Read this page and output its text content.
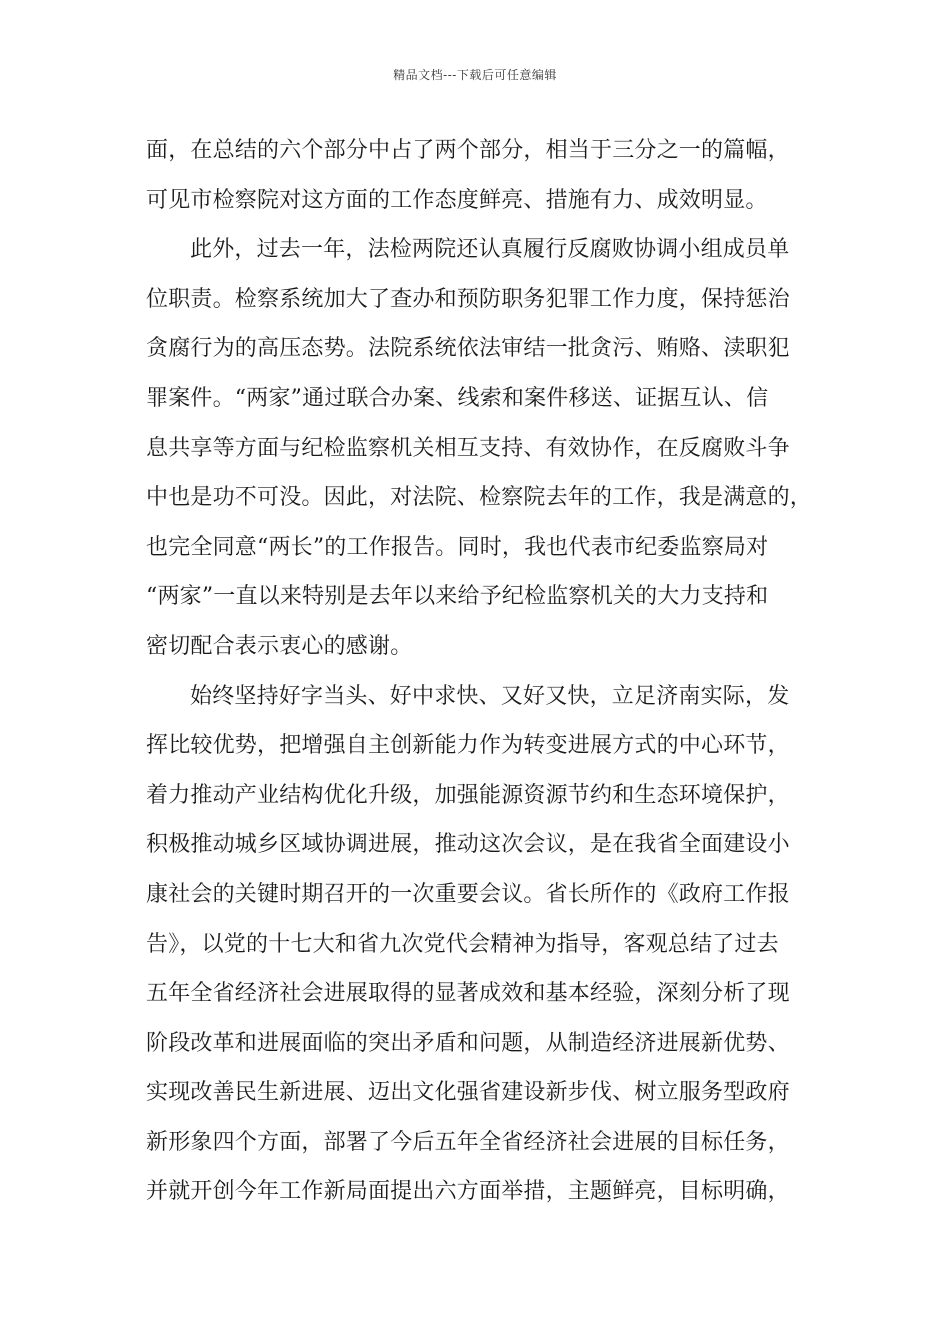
精品文档---下载后可任意编辑
面，在总结的六个部分中占了两个部分，相当于三分之一的篇幅，
可见市检察院对这方面的工作态度鲜亮、措施有力、成效明显。
此外，过去一年，法检两院还认真履行反腐败协调小组成员单
位职责。检察系统加大了查办和预防职务犯罪工作力度，保持惩治
贪腐行为的高压态势。法院系统依法审结一批贪污、贿赂、渎职犯
罪案件。“两家”通过联合办案、线索和案件移送、证据互认、信
息共享等方面与纪检监察机关相互支持、有效协作，在反腐败斗争
中也是功不可没。因此，对法院、检察院去年的工作，我是满意的，
也完全同意“两长”的工作报告。同时，我也代表市纪委监察局对
“两家”一直以来特别是去年以来给予纪检监察机关的大力支持和
密切配合表示衷心的感谢。
始终坚持好字当头、好中求快、又好又快，立足济南实际，发
挥比较优势，把增强自主创新能力作为转变进展方式的中心环节，
着力推动产业结构优化升级，加强能源资源节约和生态环境保护，
积极推动城乡区域协调进展，推动这次会议，是在我省全面建设小
康社会的关键时期召开的一次重要会议。省长所作的《政府工作报
告》，以党的十七大和省九次党代会精神为指导，客观总结了过去
五年全省经济社会进展取得的显著成效和基本经验，深刻分析了现
阶段改革和进展面临的突出矛盾和问题，从制造经济进展新优势、
实现改善民生新进展、迈出文化强省建设新步伐、树立服务型政府
新形象四个方面，部署了今后五年全省经济社会进展的目标任务，
并就开创今年工作新局面提出六方面举措，主题鲜亮，目标明确，
